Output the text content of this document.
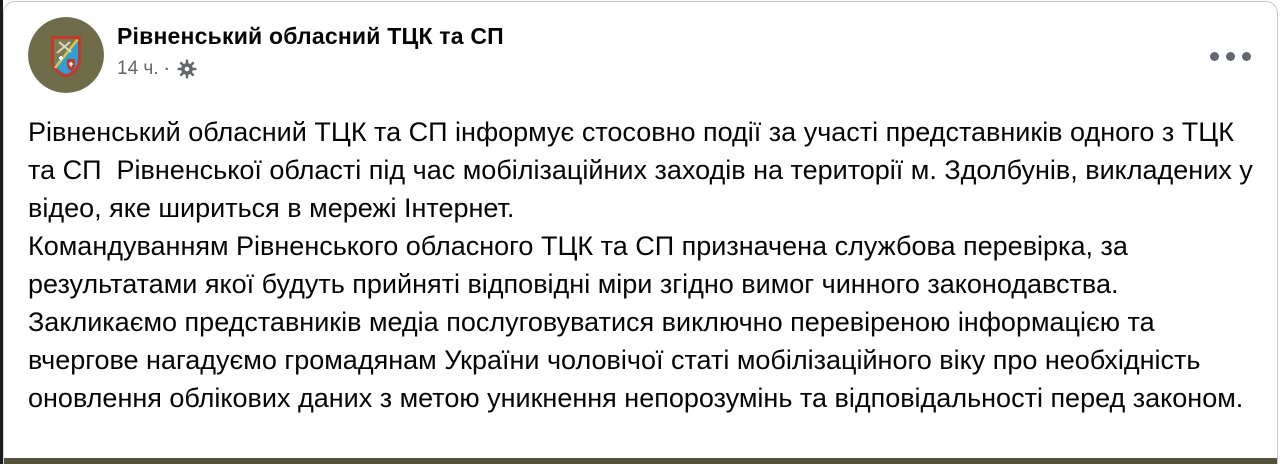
Рівненський обласний ТЦК та СП
14 ч. ·
Рівненський обласний ТЦК та СП інформує стосовно події за участі представників одного з ТЦК та СП  Рівненської області під час мобілізаційних заходів на території м. Здолбунів, викладених у відео, яке шириться в мережі Інтернет.
Командуванням Рівненського обласного ТЦК та СП призначена службова перевірка, за результатами якої будуть прийняті відповідні міри згідно вимог чинного законодавства.
Закликаємо представників медіа послуговуватися виключно перевіреною інформацією та вчергове нагадуємо громадянам України чоловічої статі мобілізаційного віку про необхідність оновлення облікових даних з метою уникнення непорозумінь та відповідальності перед законом.
